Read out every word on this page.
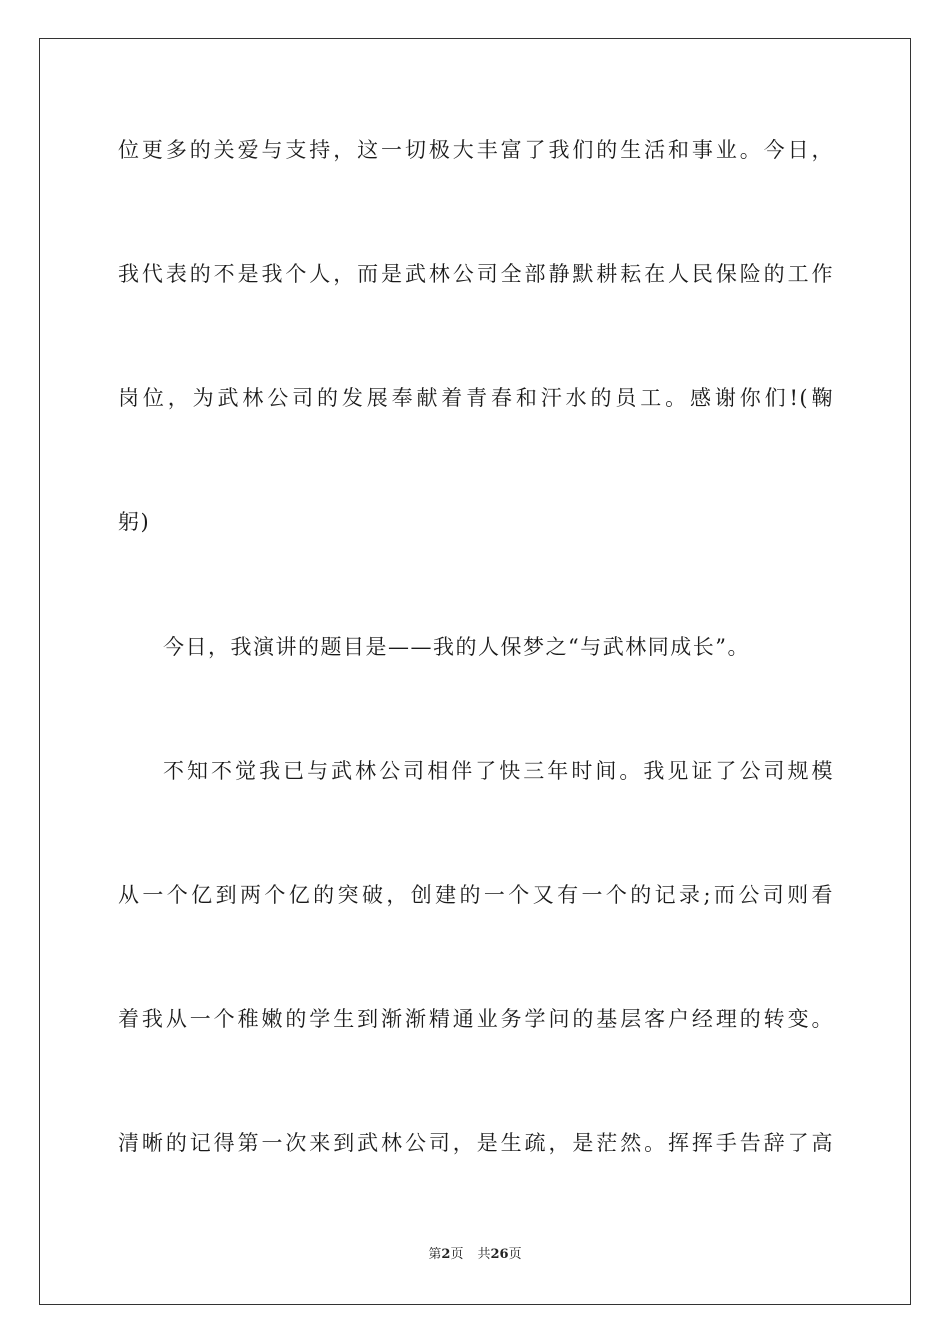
位更多的关爱与支持，这一切极大丰富了我们的生活和事业。今日，
我代表的不是我个人，而是武林公司全部静默耕耘在人民保险的工作
岗位，为武林公司的发展奉献着青春和汗水的员工。感谢你们!(鞠
躬)
今日，我演讲的题目是——我的人保梦之“与武林同成长”。
不知不觉我已与武林公司相伴了快三年时间。我见证了公司规模
从一个亿到两个亿的突破，创建的一个又有一个的记录;而公司则看
着我从一个稚嫩的学生到渐渐精通业务学问的基层客户经理的转变。
清晰的记得第一次来到武林公司，是生疏，是茫然。挥挥手告辞了高
第2页 共26页
